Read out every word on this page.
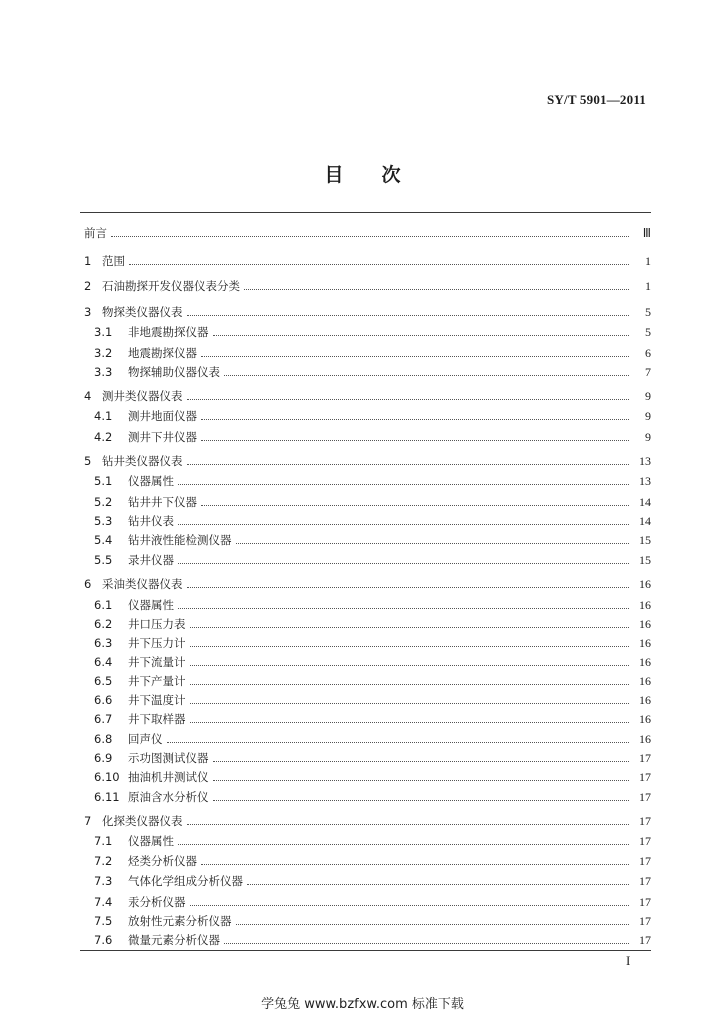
SY/T 5901—2011
目 次
前言	Ⅲ
1 范围	1
2 石油勘探开发仪器仪表分类	1
3 物探类仪器仪表	5
3.1	非地震勘探仪器	5
3.2	地震勘探仪器	6
3.3	物探辅助仪器仪表	7
4 测井类仪器仪表	9
4.1	测井地面仪器	9
4.2	测井下井仪器	9
5 钻井类仪器仪表	13
5.1	仪器属性	13
5.2	钻井井下仪器	14
5.3	钻井仪表	14
5.4	钻井液性能检测仪器	15
5.5	录井仪器	15
6 采油类仪器仪表	16
6.1	仪器属性	16
6.2	井口压力表	16
6.3	井下压力计	16
6.4	井下流量计	16
6.5	井下产量计	16
6.6	井下温度计	16
6.7	井下取样器	16
6.8	回声仪	16
6.9	示功图测试仪器	17
6.10 抽油机井测试仪	17
6.11 原油含水分析仪	17
7 化探类仪器仪表	17
7.1	仪器属性	17
7.2	烃类分析仪器	17
7.3	气体化学组成分析仪器	17
7.4	汞分析仪器	17
7.5	放射性元素分析仪器	17
7.6	微量元素分析仪器	17
I
学兔兔 www.bzfxw.com 标准下载
